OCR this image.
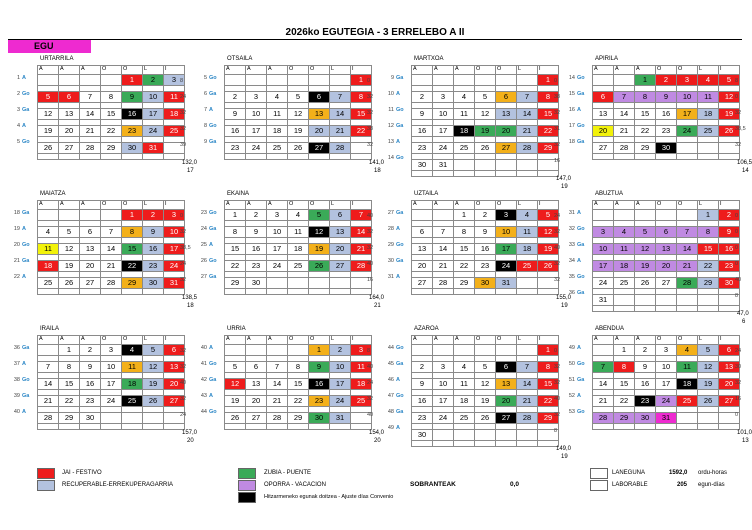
2026ko EGUTEGIA - 3 ERRELEBO A II
EGU
URTARRILA
A	A	A	O	O	L	I
				1	2	3

5	6	7	8	9	10	11

12	13	14	15	16	17	18

19	20	21	22	23	24	25

26	27	28	29	30	31	

1 A	8
2 Go	24
3 Ga	32
4 A	32
5 Go	39
132,0
17
OTSAILA
A	A	A	O	O	L	I
						1

2	3	4	5	6	7	8

9	10	11	12	13	14	15

16	17	18	19	20	21	22

23	24	25	26	27	28	

5 Go	0
6 Ga	32
7 A	32
8 Go	38
9 Ga	32
141,0
18
MARTXOA
A	A	A	O	O	L	I
						1

2	3	4	5	6	7	8

9	10	11	12	13	14	15

16	17	18	19	20	21	22

23	24	25	26	27	28	29

30	31					

9 Ga	0
10 A	38
11 Go	32
12 Ga	31
13 A	32
14 Go	16
147,0
19
APIRILA
A	A	A	O	O	L	I
		1	2	3	4	5

6	7	8	9	10	11	12

13	14	15	16	17	18	19

20	21	22	23	24	25	26

27	28	29	30			

14 Go	8
15 Ga	0
16 A	32
17 Go	38,5
18 Ga	32
106,5
14
MAIATZA
A	A	A	O	O	L	I
				1	2	3

4	5	6	7	8	9	10

11	12	13	14	15	16	17

18	19	20	21	22	23	24

25	26	27	28	29	30	31

18 Ga	0
19 A	32
20 Go	38,5
21 Ga	24
22 A	32
138,5
18
EKAINA
A	A	A	O	O	L	I
1	2	3	4	5	6	7

8	9	10	11	12	13	14

15	16	17	18	19	20	21

22	23	24	25	26	27	28

29	30					

23 Go	40
24 Ga	32
25 A	32
26 Go	40
27 Ga	16
164,0
21
UZTAILA
A	A	A	O	O	L	I
		1	2	3	4	5

6	7	8	9	10	11	12

13	14	15	16	17	18	19

20	21	22	23	24	25	26

27	28	29	30	31		

27 Ga	24
28 A	32
29 Go	40
30 Ga	32
31 A	32
155,0
19
ABUZTUA
A	A	A	O	O	L	I
					1	2

3	4	5	6	7	8	9

10	11	12	13	14	15	16

17	18	19	20	21	22	23

24	25	26	27	28	29	30

31						

31 A	0
32 Go	0
33 Ga	0
34 A	0
35 Go	40
36 Ga	8
47,0
6
IRAILA
A	A	A	O	O	L	I
	1	2	3	4	5	6

7	8	9	10	11	12	13

14	15	16	17	18	19	20

21	22	23	24	25	26	27

28	29	30				

36 Ga	32
37 A	32
38 Go	40
39 Ga	32
40 A	24
157,0
20
URRIA
A	A	A	O	O	L	I
				1	2	3

5	6	7	8	9	10	11

12	13	14	15	16	17	18

19	20	21	22	23	24	25

26	27	28	29	30	31	

40 A	8
41 Go	40
42 Ga	24
43 A	32
44 Go	40
154,0
20
AZAROA
A	A	A	O	O	L	I
						1

2	3	4	5	6	7	8

9	10	11	12	13	14	15

16	17	18	19	20	21	22

23	24	25	26	27	28	29

30						

44 Go	0
45 Ga	32
46 A	32
47 Go	40
48 Ga	32
49 A	8
149,0
19
ABENDUA
A	A	A	O	O	L	I
	1	2	3	4	5	6

7	8	9	10	11	12	13

14	15	16	17	18	19	20

21	22	23	24	25	26	27

28	29	30	31			

49 A	24
50 Go	30
51 Ga	32
52 A	16
53 Go	0
101,0
13
JAI - FESTIVO
RECUPERABLE-ERREKUPERAGARRIA
ZUBIA - PUENTE
OPORRA - VACACION
Hitzarmeneko egunak doitzea - Ajuste días Convenio
SOBRANTEAK	0,0
LANEGUNA	1592,0 ordu-horas
LABORABLE	205 egun-días
